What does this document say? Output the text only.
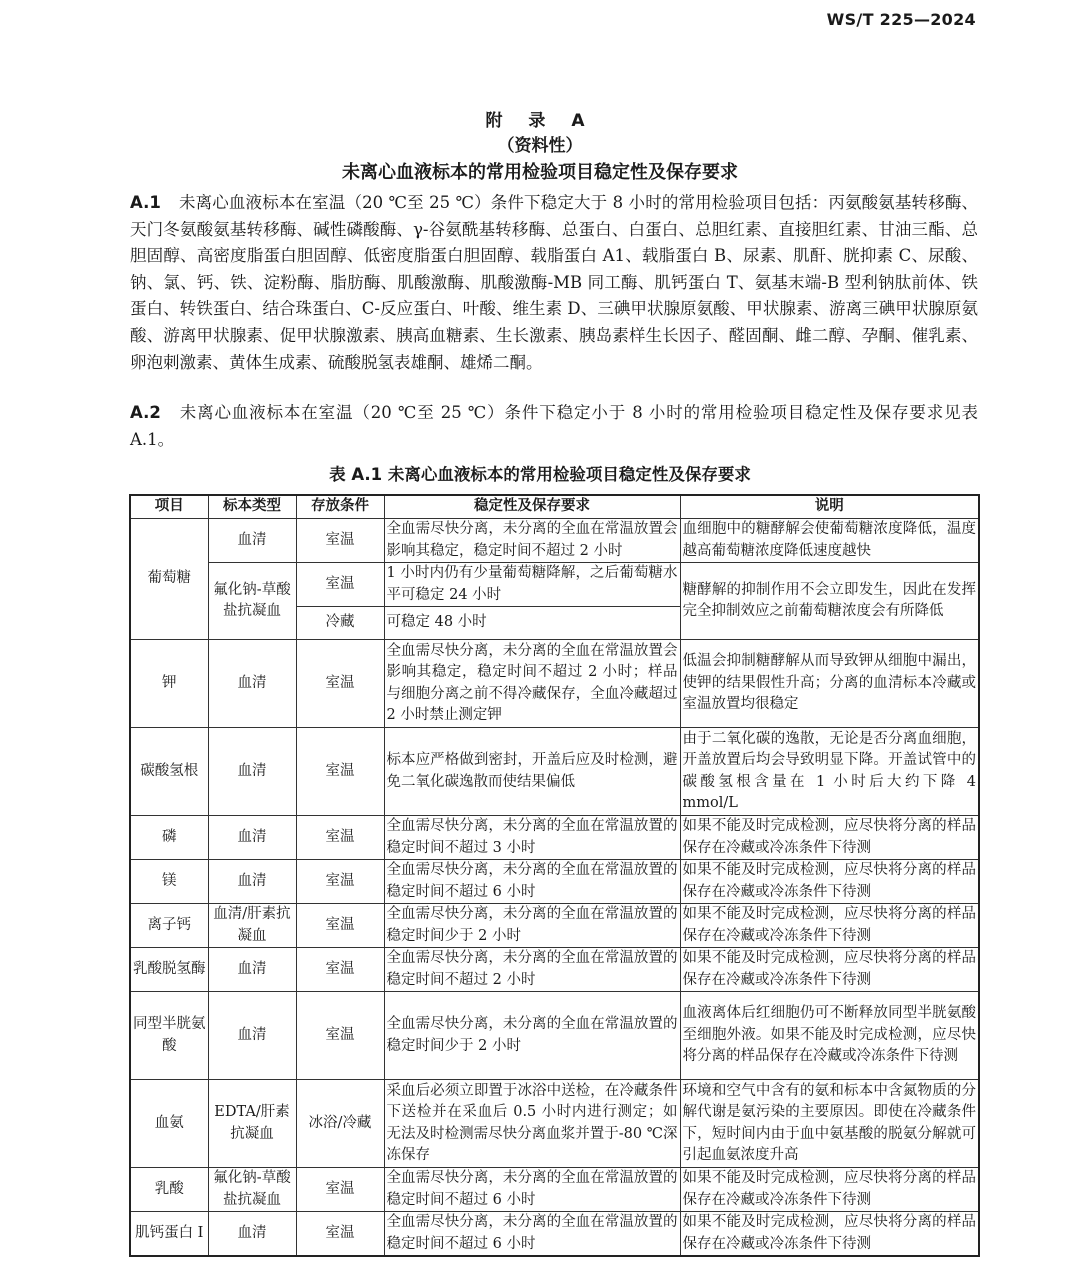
WS/T 225—2024
附 录 A
（资料性）
未离心血液标本的常用检验项目稳定性及保存要求
A.1 未离心血液标本在室温（20 ℃至 25 ℃）条件下稳定大于 8 小时的常用检验项目包括：丙氨酸氨基转移酶、天门冬氨酸氨基转移酶、碱性磷酸酶、γ-谷氨酰基转移酶、总蛋白、白蛋白、总胆红素、直接胆红素、甘油三酯、总胆固醇、高密度脂蛋白胆固醇、低密度脂蛋白胆固醇、载脂蛋白 A1、载脂蛋白 B、尿素、肌酐、胱抑素 C、尿酸、钠、氯、钙、铁、淀粉酶、脂肪酶、肌酸激酶、肌酸激酶-MB 同工酶、肌钙蛋白 T、氨基末端-B 型利钠肽前体、铁蛋白、转铁蛋白、结合珠蛋白、C-反应蛋白、叶酸、维生素 D、三碘甲状腺原氨酸、甲状腺素、游离三碘甲状腺原氨酸、游离甲状腺素、促甲状腺激素、胰高血糖素、生长激素、胰岛素样生长因子、醛固酮、雌二醇、孕酮、催乳素、卵泡刺激素、黄体生成素、硫酸脱氢表雄酮、雄烯二酮。
A.2 未离心血液标本在室温（20 ℃至 25 ℃）条件下稳定小于 8 小时的常用检验项目稳定性及保存要求见表 A.1。
表 A.1 未离心血液标本的常用检验项目稳定性及保存要求
项目	标本类型	存放条件	稳定性及保存要求	说明
葡萄糖	血清	室温	全血需尽快分离，未分离的全血在常温放置会影响其稳定，稳定时间不超过 2 小时	血细胞中的糖酵解会使葡萄糖浓度降低，温度越高葡萄糖浓度降低速度越快
	氟化钠-草酸盐抗凝血	室温	1 小时内仍有少量葡萄糖降解，之后葡萄糖水平可稳定 24 小时	糖酵解的抑制作用不会立即发生，因此在发挥完全抑制效应之前葡萄糖浓度会有所降低
		冷藏	可稳定 48 小时	
钾	血清	室温	全血需尽快分离，未分离的全血在常温放置会影响其稳定，稳定时间不超过 2 小时；样品与细胞分离之前不得冷藏保存，全血冷藏超过 2 小时禁止测定钾	低温会抑制糖酵解从而导致钾从细胞中漏出，使钾的结果假性升高；分离的血清标本冷藏或室温放置均很稳定
碳酸氢根	血清	室温	标本应严格做到密封，开盖后应及时检测，避免二氧化碳逸散而使结果偏低	由于二氧化碳的逸散，无论是否分离血细胞，开盖放置后均会导致明显下降。开盖试管中的碳酸氢根含量在 1 小时后大约下降 4 mmol/L
磷	血清	室温	全血需尽快分离，未分离的全血在常温放置的稳定时间不超过 3 小时	如果不能及时完成检测，应尽快将分离的样品保存在冷藏或冷冻条件下待测
镁	血清	室温	全血需尽快分离，未分离的全血在常温放置的稳定时间不超过 6 小时	如果不能及时完成检测，应尽快将分离的样品保存在冷藏或冷冻条件下待测
离子钙	血清/肝素抗凝血	室温	全血需尽快分离，未分离的全血在常温放置的稳定时间少于 2 小时	如果不能及时完成检测，应尽快将分离的样品保存在冷藏或冷冻条件下待测
乳酸脱氢酶	血清	室温	全血需尽快分离，未分离的全血在常温放置的稳定时间不超过 2 小时	如果不能及时完成检测，应尽快将分离的样品保存在冷藏或冷冻条件下待测
同型半胱氨酸	血清	室温	全血需尽快分离，未分离的全血在常温放置的稳定时间少于 2 小时	血液离体后红细胞仍可不断释放同型半胱氨酸至细胞外液。如果不能及时完成检测，应尽快将分离的样品保存在冷藏或冷冻条件下待测
血氨	EDTA/肝素抗凝血	冰浴/冷藏	采血后必须立即置于冰浴中送检，在冷藏条件下送检并在采血后 0.5 小时内进行测定；如无法及时检测需尽快分离血浆并置于-80 ℃深冻保存	环境和空气中含有的氨和标本中含氮物质的分解代谢是氨污染的主要原因。即使在冷藏条件下，短时间内由于血中氨基酸的脱氨分解就可引起血氨浓度升高
乳酸	氟化钠-草酸盐抗凝血	室温	全血需尽快分离，未分离的全血在常温放置的稳定时间不超过 6 小时	如果不能及时完成检测，应尽快将分离的样品保存在冷藏或冷冻条件下待测
肌钙蛋白 I	血清	室温	全血需尽快分离，未分离的全血在常温放置的稳定时间不超过 6 小时	如果不能及时完成检测，应尽快将分离的样品保存在冷藏或冷冻条件下待测
